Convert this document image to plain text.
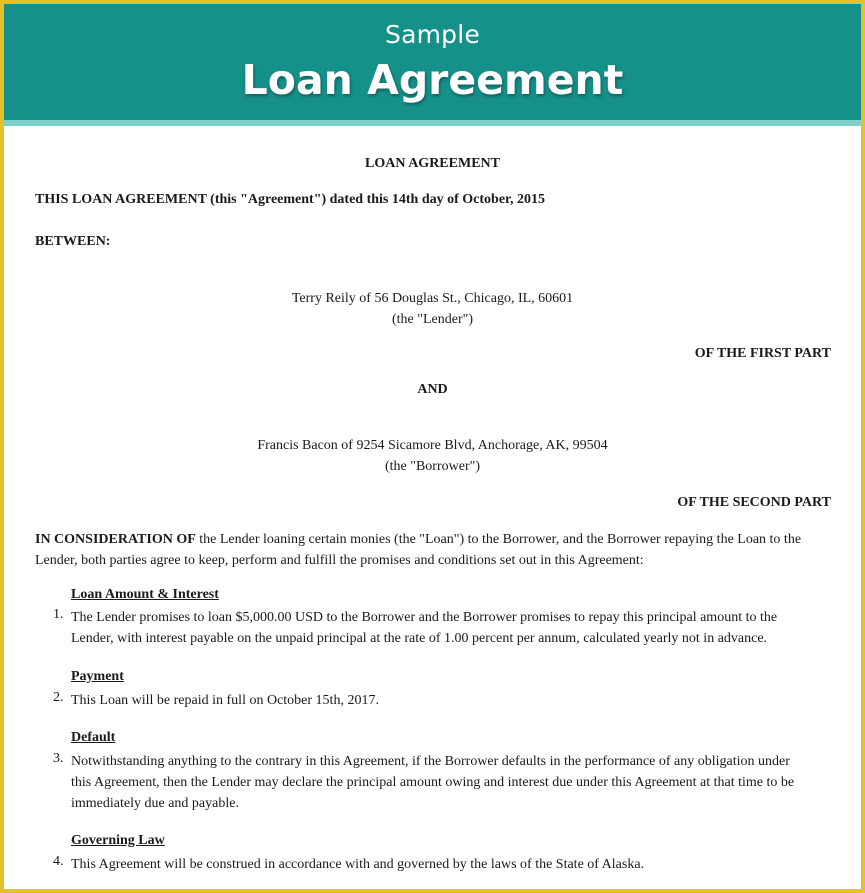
Sample
Loan Agreement
LOAN AGREEMENT
THIS LOAN AGREEMENT (this "Agreement") dated this 14th day of October, 2015
BETWEEN:
Terry Reily of 56 Douglas St., Chicago, IL, 60601
(the "Lender")
OF THE FIRST PART
AND
Francis Bacon of 9254 Sicamore Blvd, Anchorage, AK, 99504
(the "Borrower")
OF THE SECOND PART
IN CONSIDERATION OF the Lender loaning certain monies (the "Loan") to the Borrower, and the Borrower repaying the Loan to the
Lender, both parties agree to keep, perform and fulfill the promises and conditions set out in this Agreement:
Loan Amount & Interest
1. The Lender promises to loan $5,000.00 USD to the Borrower and the Borrower promises to repay this principal amount to the
Lender, with interest payable on the unpaid principal at the rate of 1.00 percent per annum, calculated yearly not in advance.
Payment
2. This Loan will be repaid in full on October 15th, 2017.
Default
3. Notwithstanding anything to the contrary in this Agreement, if the Borrower defaults in the performance of any obligation under
this Agreement, then the Lender may declare the principal amount owing and interest due under this Agreement at that time to be
immediately due and payable.
Governing Law
4. This Agreement will be construed in accordance with and governed by the laws of the State of Alaska.
